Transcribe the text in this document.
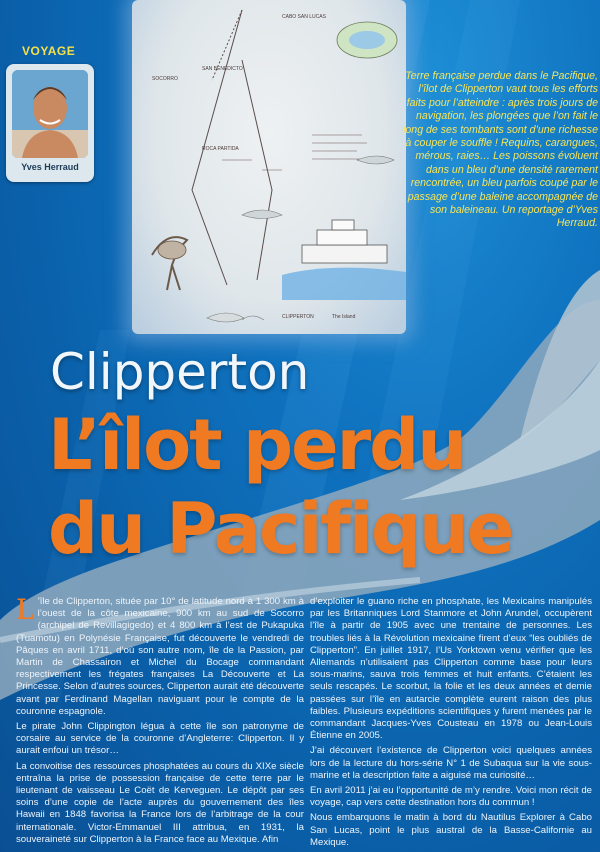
VOYAGE
Yves Herraud
CABO SAN LUCAS
SOCORRO
SAN BENEDICTO
ROCA PARTIDA
CLIPPERTON	The Island
Terre française perdue dans le Pacifique, l’îlot de Clipperton vaut tous les efforts faits pour l’atteindre : après trois jours de navigation, les plongées que l’on fait le long de ses tombants sont d’une richesse à couper le souffle ! Requins, carangues, mérous, raies… Les poissons évoluent dans un bleu d’une densité rarement rencontrée, un bleu parfois coupé par le passage d’une baleine accompagnée de son baleineau. Un reportage d’Yves Herraud.
Clipperton
L’îlot perdu
du Pacifique

L ’île de Clipperton, située par 10° de latitude nord à 1 300 km à l’ouest de la côte mexicaine, 900 km au sud de Socorro (archipel de Revillagigedo) et 4 800 km à l’est de Pukapuka (Tuamotu) en Polynésie Française, fut découverte le vendredi de Pâques en avril 1711, d’où son autre nom, île de la Passion, par Martin de Chassairon et Michel du Bocage commandant respectivement les frégates françaises La Découverte et La Princesse. Selon d’autres sources, Clipperton aurait été découverte avant par Ferdinand Magellan naviguant pour le compte de la couronne espagnole.

Le pirate John Clippington légua à cette île son patronyme de corsaire au service de la couronne d’Angleterre: Clipperton. Il y aurait enfoui un trésor…

La convoitise des ressources phosphatées au cours du XIXe siècle entraîna la prise de possession française de cette terre par le lieutenant de vaisseau Le Coët de Kerveguen. Le dépôt par ses soins d’une copie de l’acte auprès du gouvernement des îles Hawaii en 1848 favorisa la France lors de l’arbitrage de la cour internationale. Victor-Emmanuel III attribua, en 1931, la souveraineté sur Clipperton à la France face au Mexique. Afin

d’exploiter le guano riche en phosphate, les Mexicains manipulés par les Britanniques Lord Stanmore et John Arundel, occupèrent l’île à partir de 1905 avec une trentaine de personnes. Les troubles liés à la Révolution mexicaine firent d’eux “les oubliés de Clipperton”. En juillet 1917, l’Us Yorktown venu vérifier que les Allemands n’utilisaient pas Clipperton comme base pour leurs sous-marins, sauva trois femmes et huit enfants. C’étaient les seuls rescapés. Le scorbut, la folie et les deux années et demie passées sur l’île en autarcie complète eurent raison des plus faibles. Plusieurs expéditions scientifiques y furent menées par le commandant Jacques-Yves Cousteau en 1978 ou Jean-Louis Étienne en 2005.

J’ai découvert l’existence de Clipperton voici quelques années lors de la lecture du hors-série N° 1 de Subaqua sur la vie sous-marine et la description faite a aiguisé ma curiosité…

En avril 2011 j’ai eu l’opportunité de m’y rendre. Voici mon récit de voyage, cap vers cette destination hors du commun !

Nous embarquons le matin à bord du Nautilus Explorer à Cabo San Lucas, point le plus austral de la Basse-Californie au Mexique.
